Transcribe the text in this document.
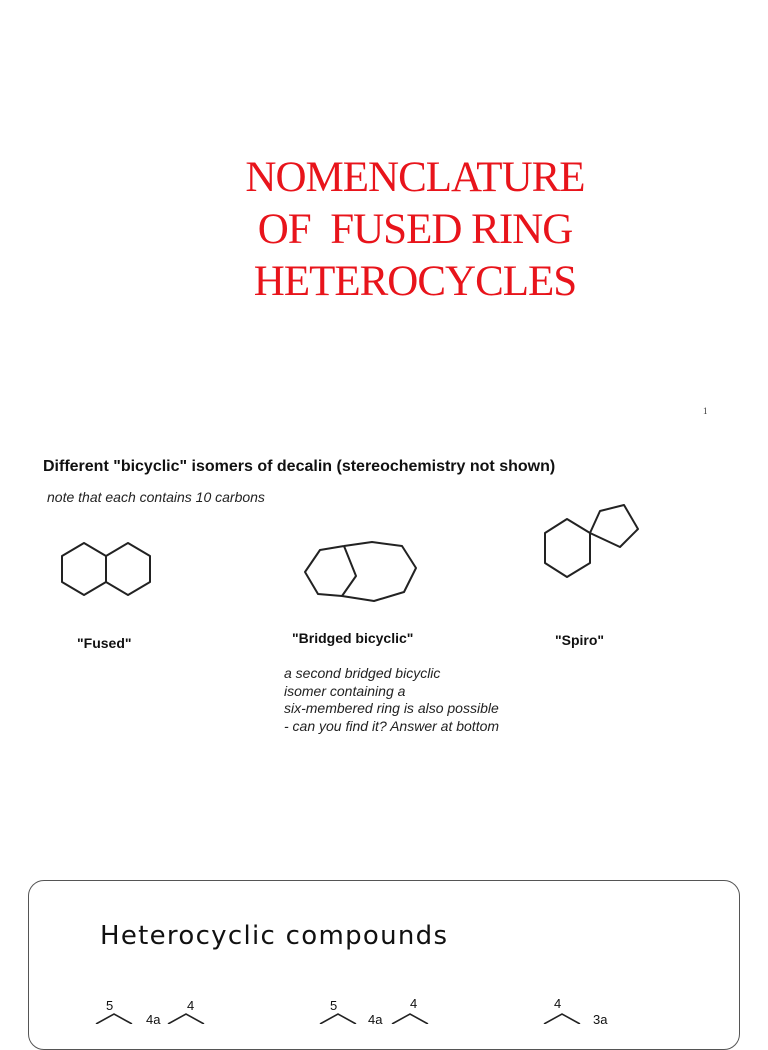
NOMENCLATURE
OF  FUSED RING
HETEROCYCLES
1
Different "bicyclic" isomers of decalin (stereochemistry not shown)
note that each contains 10 carbons
"Fused"	"Bridged bicyclic"	"Spiro"
a second bridged bicyclic
isomer containing a
six-membered ring is also possible
- can you find it? Answer at bottom
Heterocyclic compounds
5
4a
4	5
4a
4	4
3a
